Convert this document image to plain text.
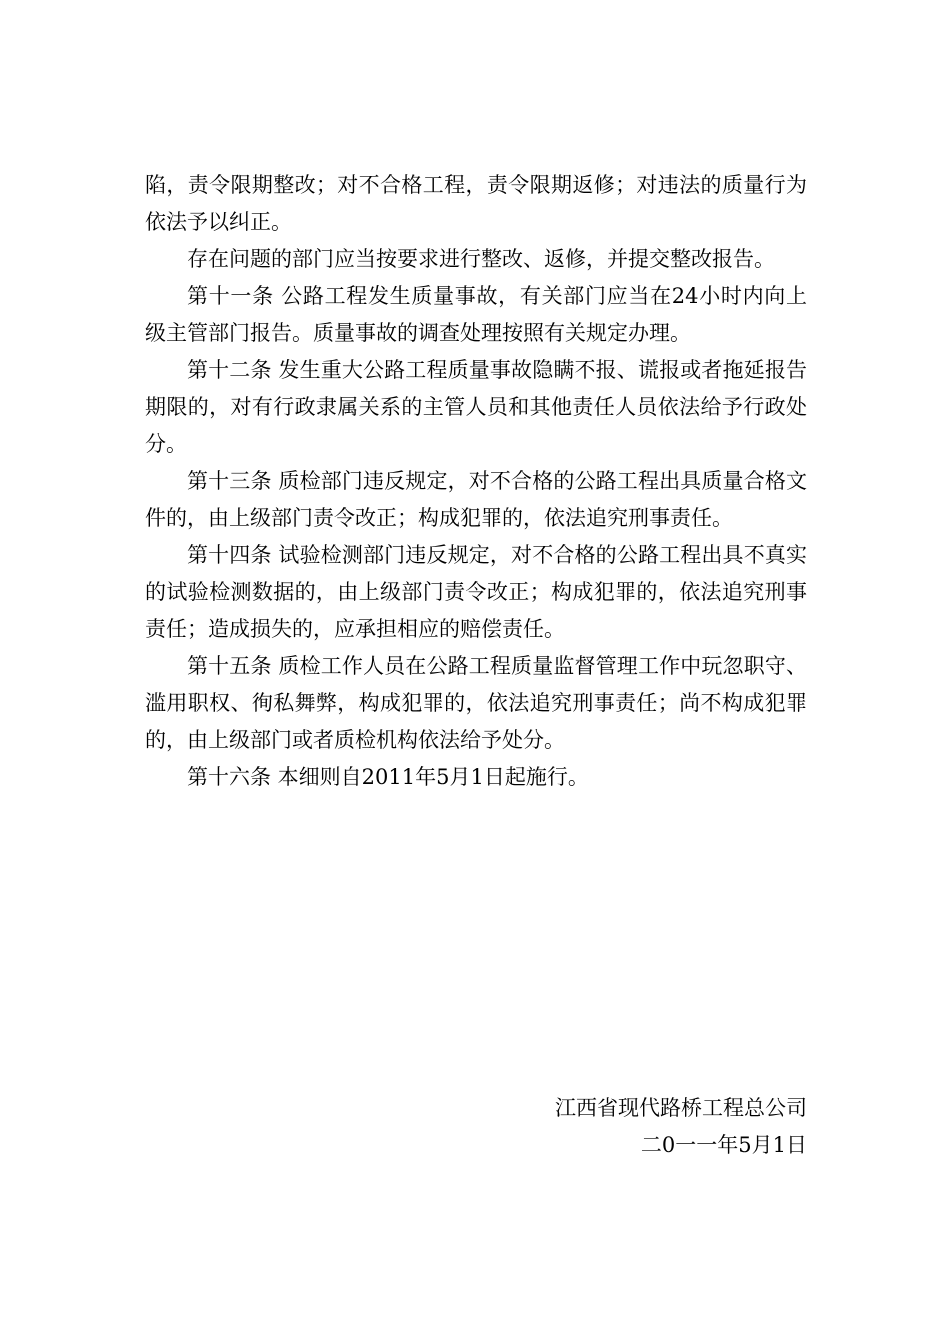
陷，责令限期整改；对不合格工程，责令限期返修；对违法的质量行为依法予以纠正。

存在问题的部门应当按要求进行整改、返修，并提交整改报告。

第十一条 公路工程发生质量事故，有关部门应当在24小时内向上级主管部门报告。质量事故的调查处理按照有关规定办理。

第十二条 发生重大公路工程质量事故隐瞒不报、谎报或者拖延报告期限的，对有行政隶属关系的主管人员和其他责任人员依法给予行政处分。

第十三条 质检部门违反规定，对不合格的公路工程出具质量合格文件的，由上级部门责令改正；构成犯罪的，依法追究刑事责任。

第十四条 试验检测部门违反规定，对不合格的公路工程出具不真实的试验检测数据的，由上级部门责令改正；构成犯罪的，依法追究刑事责任；造成损失的，应承担相应的赔偿责任。

第十五条 质检工作人员在公路工程质量监督管理工作中玩忽职守、滥用职权、徇私舞弊，构成犯罪的，依法追究刑事责任；尚不构成犯罪的，由上级部门或者质检机构依法给予处分。

第十六条 本细则自2011年5月1日起施行。

江西省现代路桥工程总公司
二0一一年5月1日
